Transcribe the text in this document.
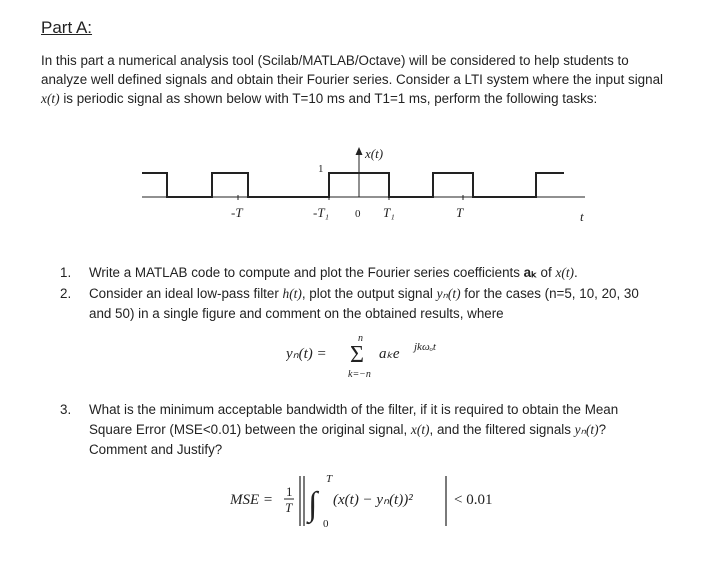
Part A:
In this part a numerical analysis tool (Scilab/MATLAB/Octave) will be considered to help students to
analyze well defined signals and obtain their Fourier series. Consider a LTI system where the input signal
x(t) is periodic signal as shown below with T=10 ms and T1=1 ms, perform the following tasks:
x(t)
1
-T	-T₁ 0 T₁	T	t
1. Write a MATLAB code to compute and plot the Fourier series coefficients aₖ of x(t).
2. Consider an ideal low-pass filter h(t), plot the output signal yₙ(t) for the cases (n=5, 10, 20, 30
and 50) in a single figure and comment on the obtained results, where
yₙ(t) =
n
Σ
k=−n
aₖe jkωₒt
3. What is the minimum acceptable bandwidth of the filter, if it is required to obtain the Mean
Square Error (MSE<0.01) between the original signal, x(t), and the filtered signals yₙ(t)?
Comment and Justify?
MSE =
1
T ∫
T
0
(x(t) − yₙ(t))²	< 0.01
